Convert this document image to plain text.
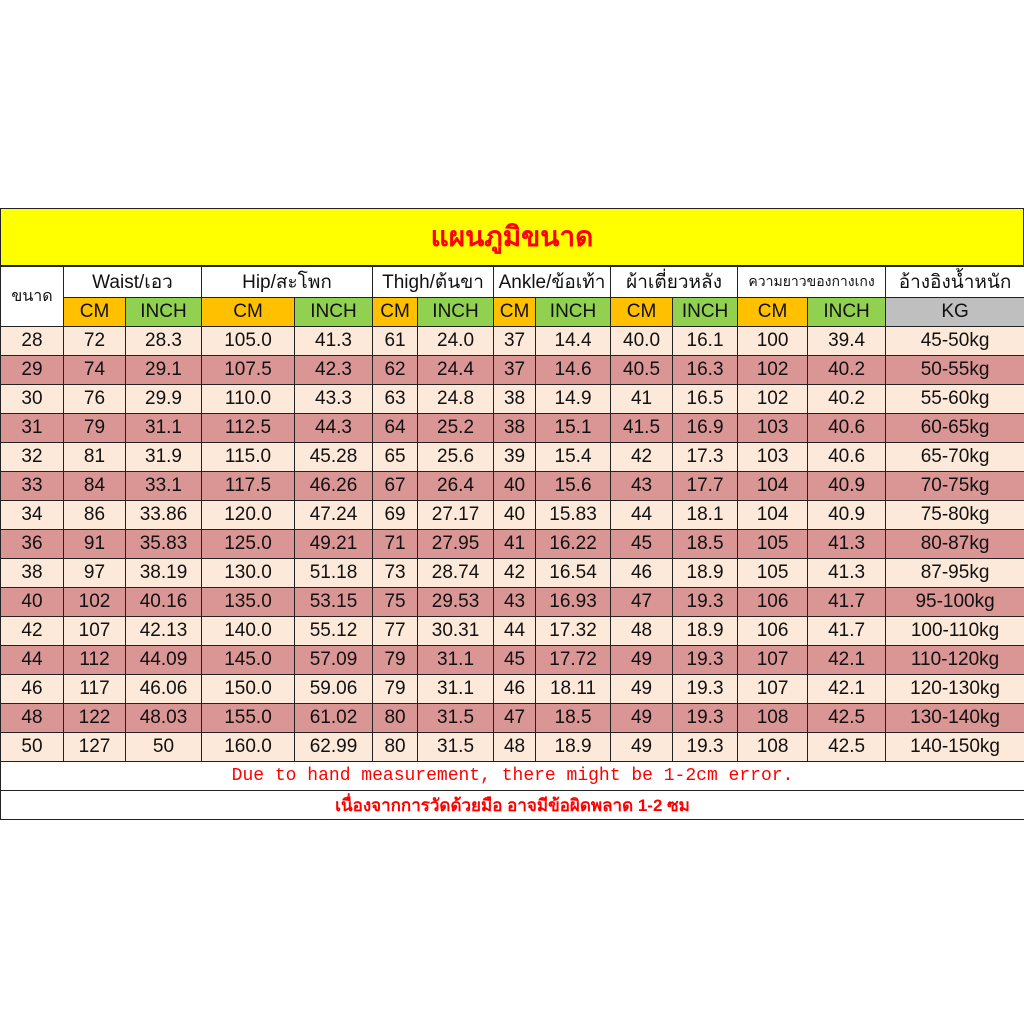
แผนภูมิขนาด
ขนาด	Waist/เอว		Hip/สะโพก		Thigh/ต้นขา		Ankle/ข้อเท้า		ผ้าเตี่ยวหลัง		ความยาวของกางเกง		อ้างอิงน้ำหนัก
	CM	INCH	CM	INCH	CM	INCH	CM	INCH	CM	INCH	CM	INCH	KG
28	72	28.3	105.0	41.3	61	24.0	37	14.4	40.0	16.1	100	39.4	45-50kg
29	74	29.1	107.5	42.3	62	24.4	37	14.6	40.5	16.3	102	40.2	50-55kg
30	76	29.9	110.0	43.3	63	24.8	38	14.9	41	16.5	102	40.2	55-60kg
31	79	31.1	112.5	44.3	64	25.2	38	15.1	41.5	16.9	103	40.6	60-65kg
32	81	31.9	115.0	45.28	65	25.6	39	15.4	42	17.3	103	40.6	65-70kg
33	84	33.1	117.5	46.26	67	26.4	40	15.6	43	17.7	104	40.9	70-75kg
34	86	33.86	120.0	47.24	69	27.17	40	15.83	44	18.1	104	40.9	75-80kg
36	91	35.83	125.0	49.21	71	27.95	41	16.22	45	18.5	105	41.3	80-87kg
38	97	38.19	130.0	51.18	73	28.74	42	16.54	46	18.9	105	41.3	87-95kg
40	102	40.16	135.0	53.15	75	29.53	43	16.93	47	19.3	106	41.7	95-100kg
42	107	42.13	140.0	55.12	77	30.31	44	17.32	48	18.9	106	41.7	100-110kg
44	112	44.09	145.0	57.09	79	31.1	45	17.72	49	19.3	107	42.1	110-120kg
46	117	46.06	150.0	59.06	79	31.1	46	18.11	49	19.3	107	42.1	120-130kg
48	122	48.03	155.0	61.02	80	31.5	47	18.5	49	19.3	108	42.5	130-140kg
50	127	50	160.0	62.99	80	31.5	48	18.9	49	19.3	108	42.5	140-150kg
Due to hand measurement, there might be 1-2cm error.													
เนื่องจากการวัดด้วยมือ อาจมีข้อผิดพลาด 1-2 ซม													
